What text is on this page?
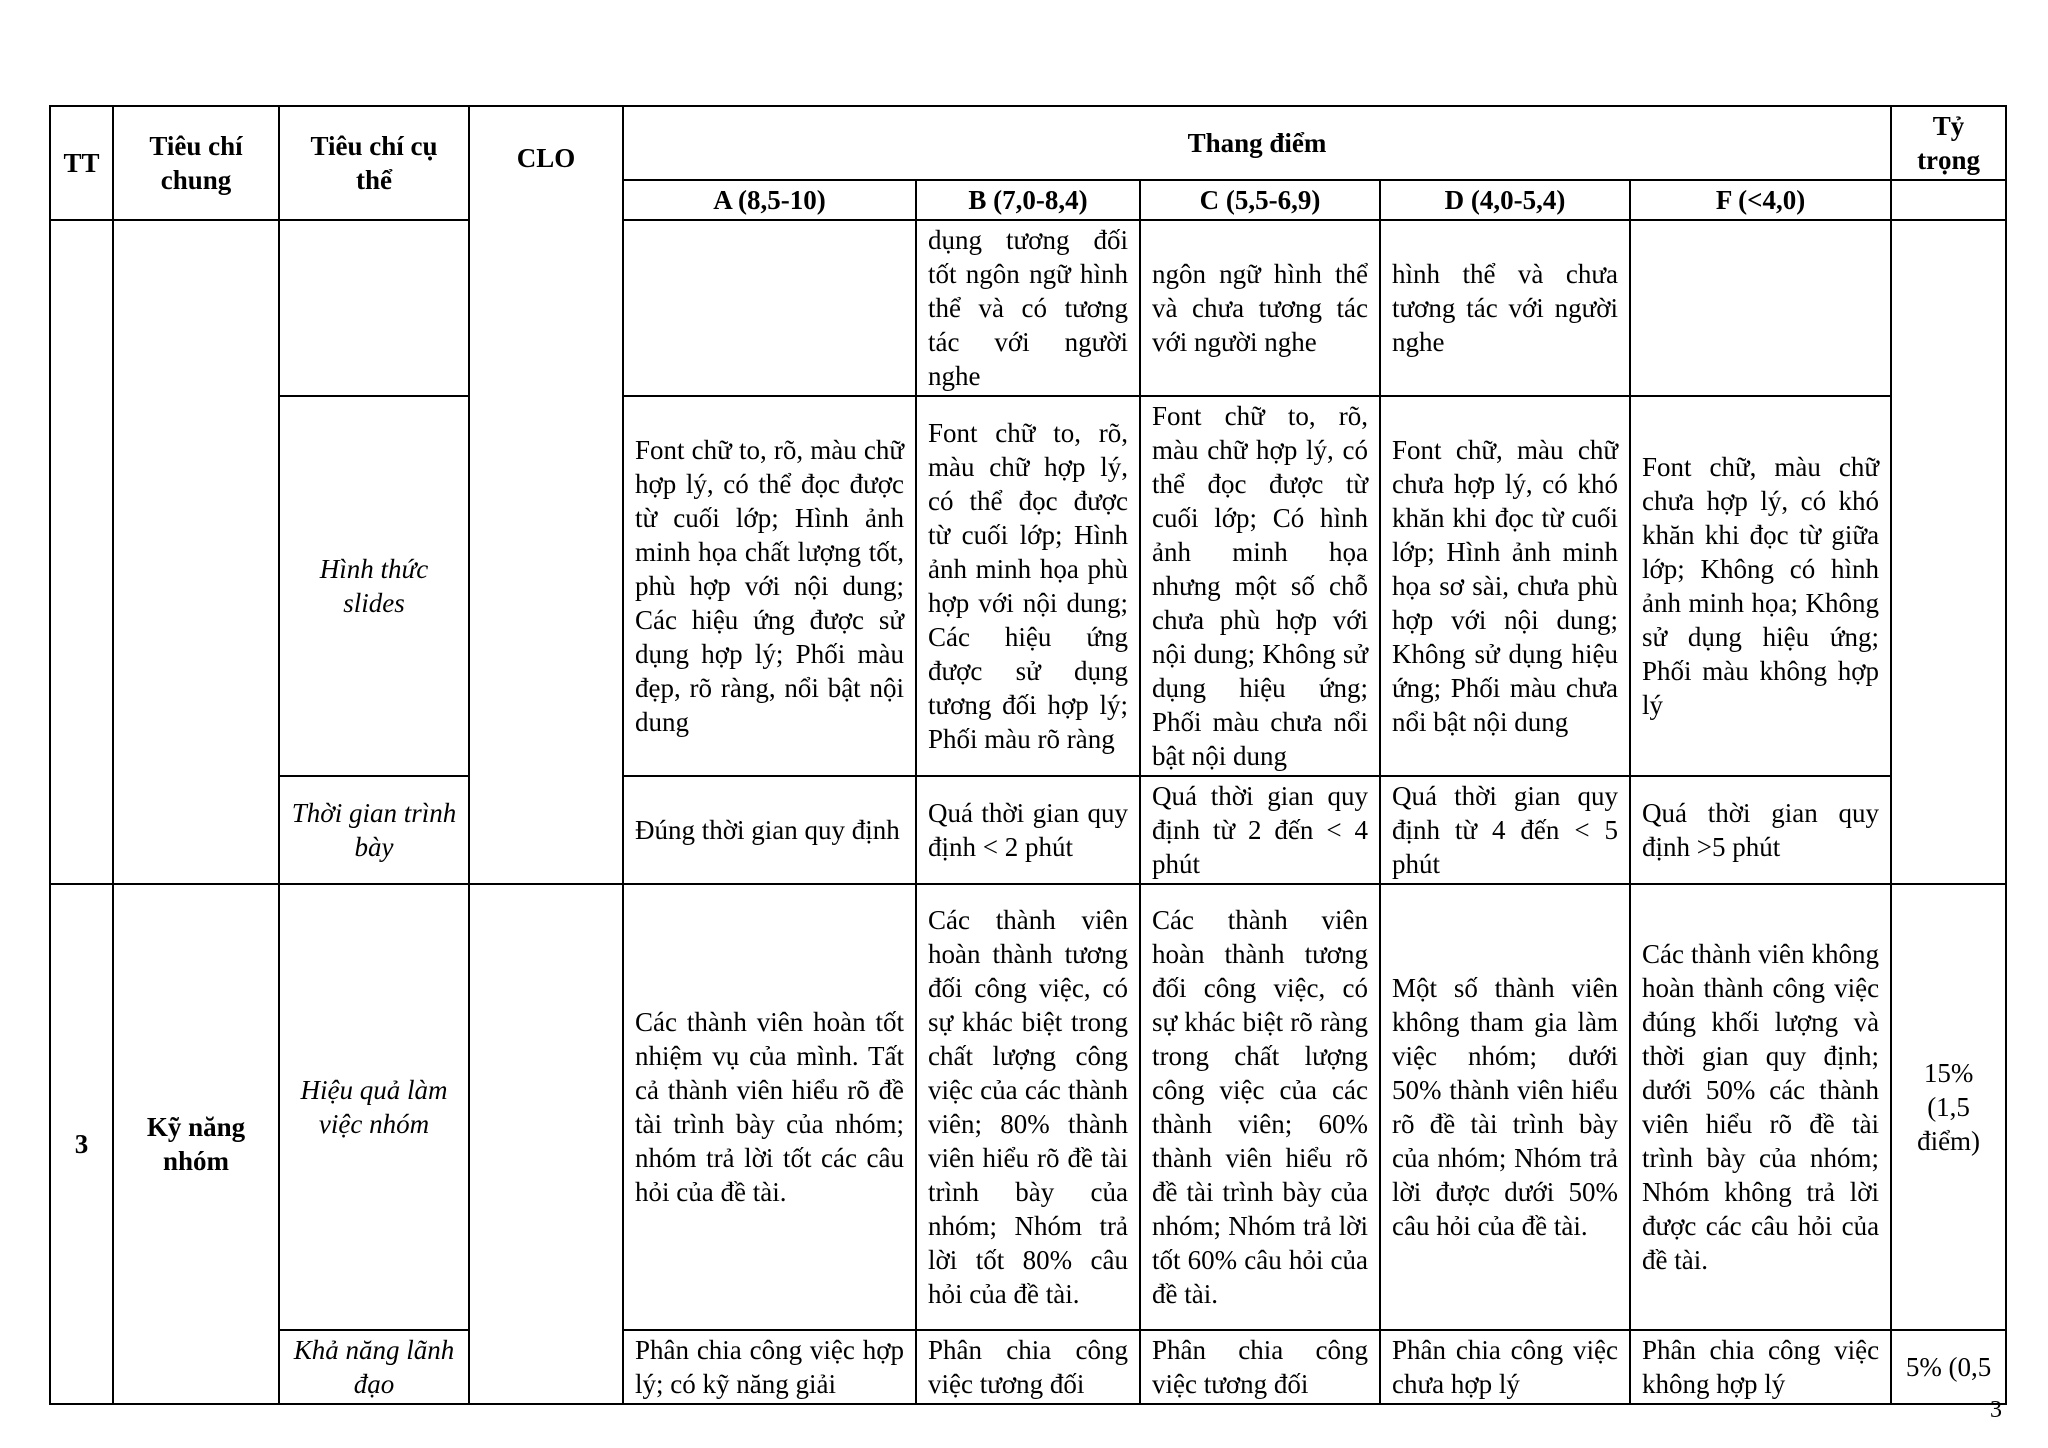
TT	Tiêu chí chung	Tiêu chí cụ thể	CLO	Thang điểm					Tỷ trọng
				A (8,5-10)	B (7,0-8,4)	C (5,5-6,9)	D (4,0-5,4)	F (<4,0)	
					dụng tương đối tốt ngôn ngữ hình thể và có tương tác với người nghe	ngôn ngữ hình thể và chưa tương tác với người nghe	hình thể và chưa tương tác với người nghe		
		Hình thức slides		Font chữ to, rõ, màu chữ hợp lý, có thể đọc được từ cuối lớp; Hình ảnh minh họa chất lượng tốt, phù hợp với nội dung; Các hiệu ứng được sử dụng hợp lý; Phối màu đẹp, rõ ràng, nổi bật nội dung	Font chữ to, rõ, màu chữ hợp lý, có thể đọc được từ cuối lớp; Hình ảnh minh họa phù hợp với nội dung; Các hiệu ứng được sử dụng tương đối hợp lý; Phối màu rõ ràng	Font chữ to, rõ, màu chữ hợp lý, có thể đọc được từ cuối lớp; Có hình ảnh minh họa nhưng một số chỗ chưa phù hợp với nội dung; Không sử dụng hiệu ứng; Phối màu chưa nổi bật nội dung	Font chữ, màu chữ chưa hợp lý, có khó khăn khi đọc từ cuối lớp; Hình ảnh minh họa sơ sài, chưa phù hợp với nội dung; Không sử dụng hiệu ứng; Phối màu chưa nổi bật nội dung	Font chữ, màu chữ chưa hợp lý, có khó khăn khi đọc từ giữa lớp; Không có hình ảnh minh họa; Không sử dụng hiệu ứng; Phối màu không hợp lý	
		Thời gian trình bày		Đúng thời gian quy định	Quá thời gian quy định < 2 phút	Quá thời gian quy định từ 2 đến < 4 phút	Quá thời gian quy định từ 4 đến < 5 phút	Quá thời gian quy định >5 phút	
3	Kỹ năng nhóm	Hiệu quả làm việc nhóm		Các thành viên hoàn tốt nhiệm vụ của mình. Tất cả thành viên hiểu rõ đề tài trình bày của nhóm; nhóm trả lời tốt các câu hỏi của đề tài.	Các thành viên hoàn thành tương đối công việc, có sự khác biệt trong chất lượng công việc của các thành viên; 80% thành viên hiểu rõ đề tài trình bày của nhóm; Nhóm trả lời tốt 80% câu hỏi của đề tài.	Các thành viên hoàn thành tương đối công việc, có sự khác biệt rõ ràng trong chất lượng công việc của các thành viên; 60% thành viên hiểu rõ đề tài trình bày của nhóm; Nhóm trả lời tốt 60% câu hỏi của đề tài.	Một số thành viên không tham gia làm việc nhóm; dưới 50% thành viên hiểu rõ đề tài trình bày của nhóm; Nhóm trả lời được dưới 50% câu hỏi của đề tài.	Các thành viên không hoàn thành công việc đúng khối lượng và thời gian quy định; dưới 50% các thành viên hiểu rõ đề tài trình bày của nhóm; Nhóm không trả lời được các câu hỏi của đề tài.	15% (1,5 điểm)
		Khả năng lãnh đạo		Phân chia công việc hợp lý; có kỹ năng giải	Phân chia công việc tương đối	Phân chia công việc tương đối	Phân chia công việc chưa hợp lý	Phân chia công việc không hợp lý	5% (0,5
3
